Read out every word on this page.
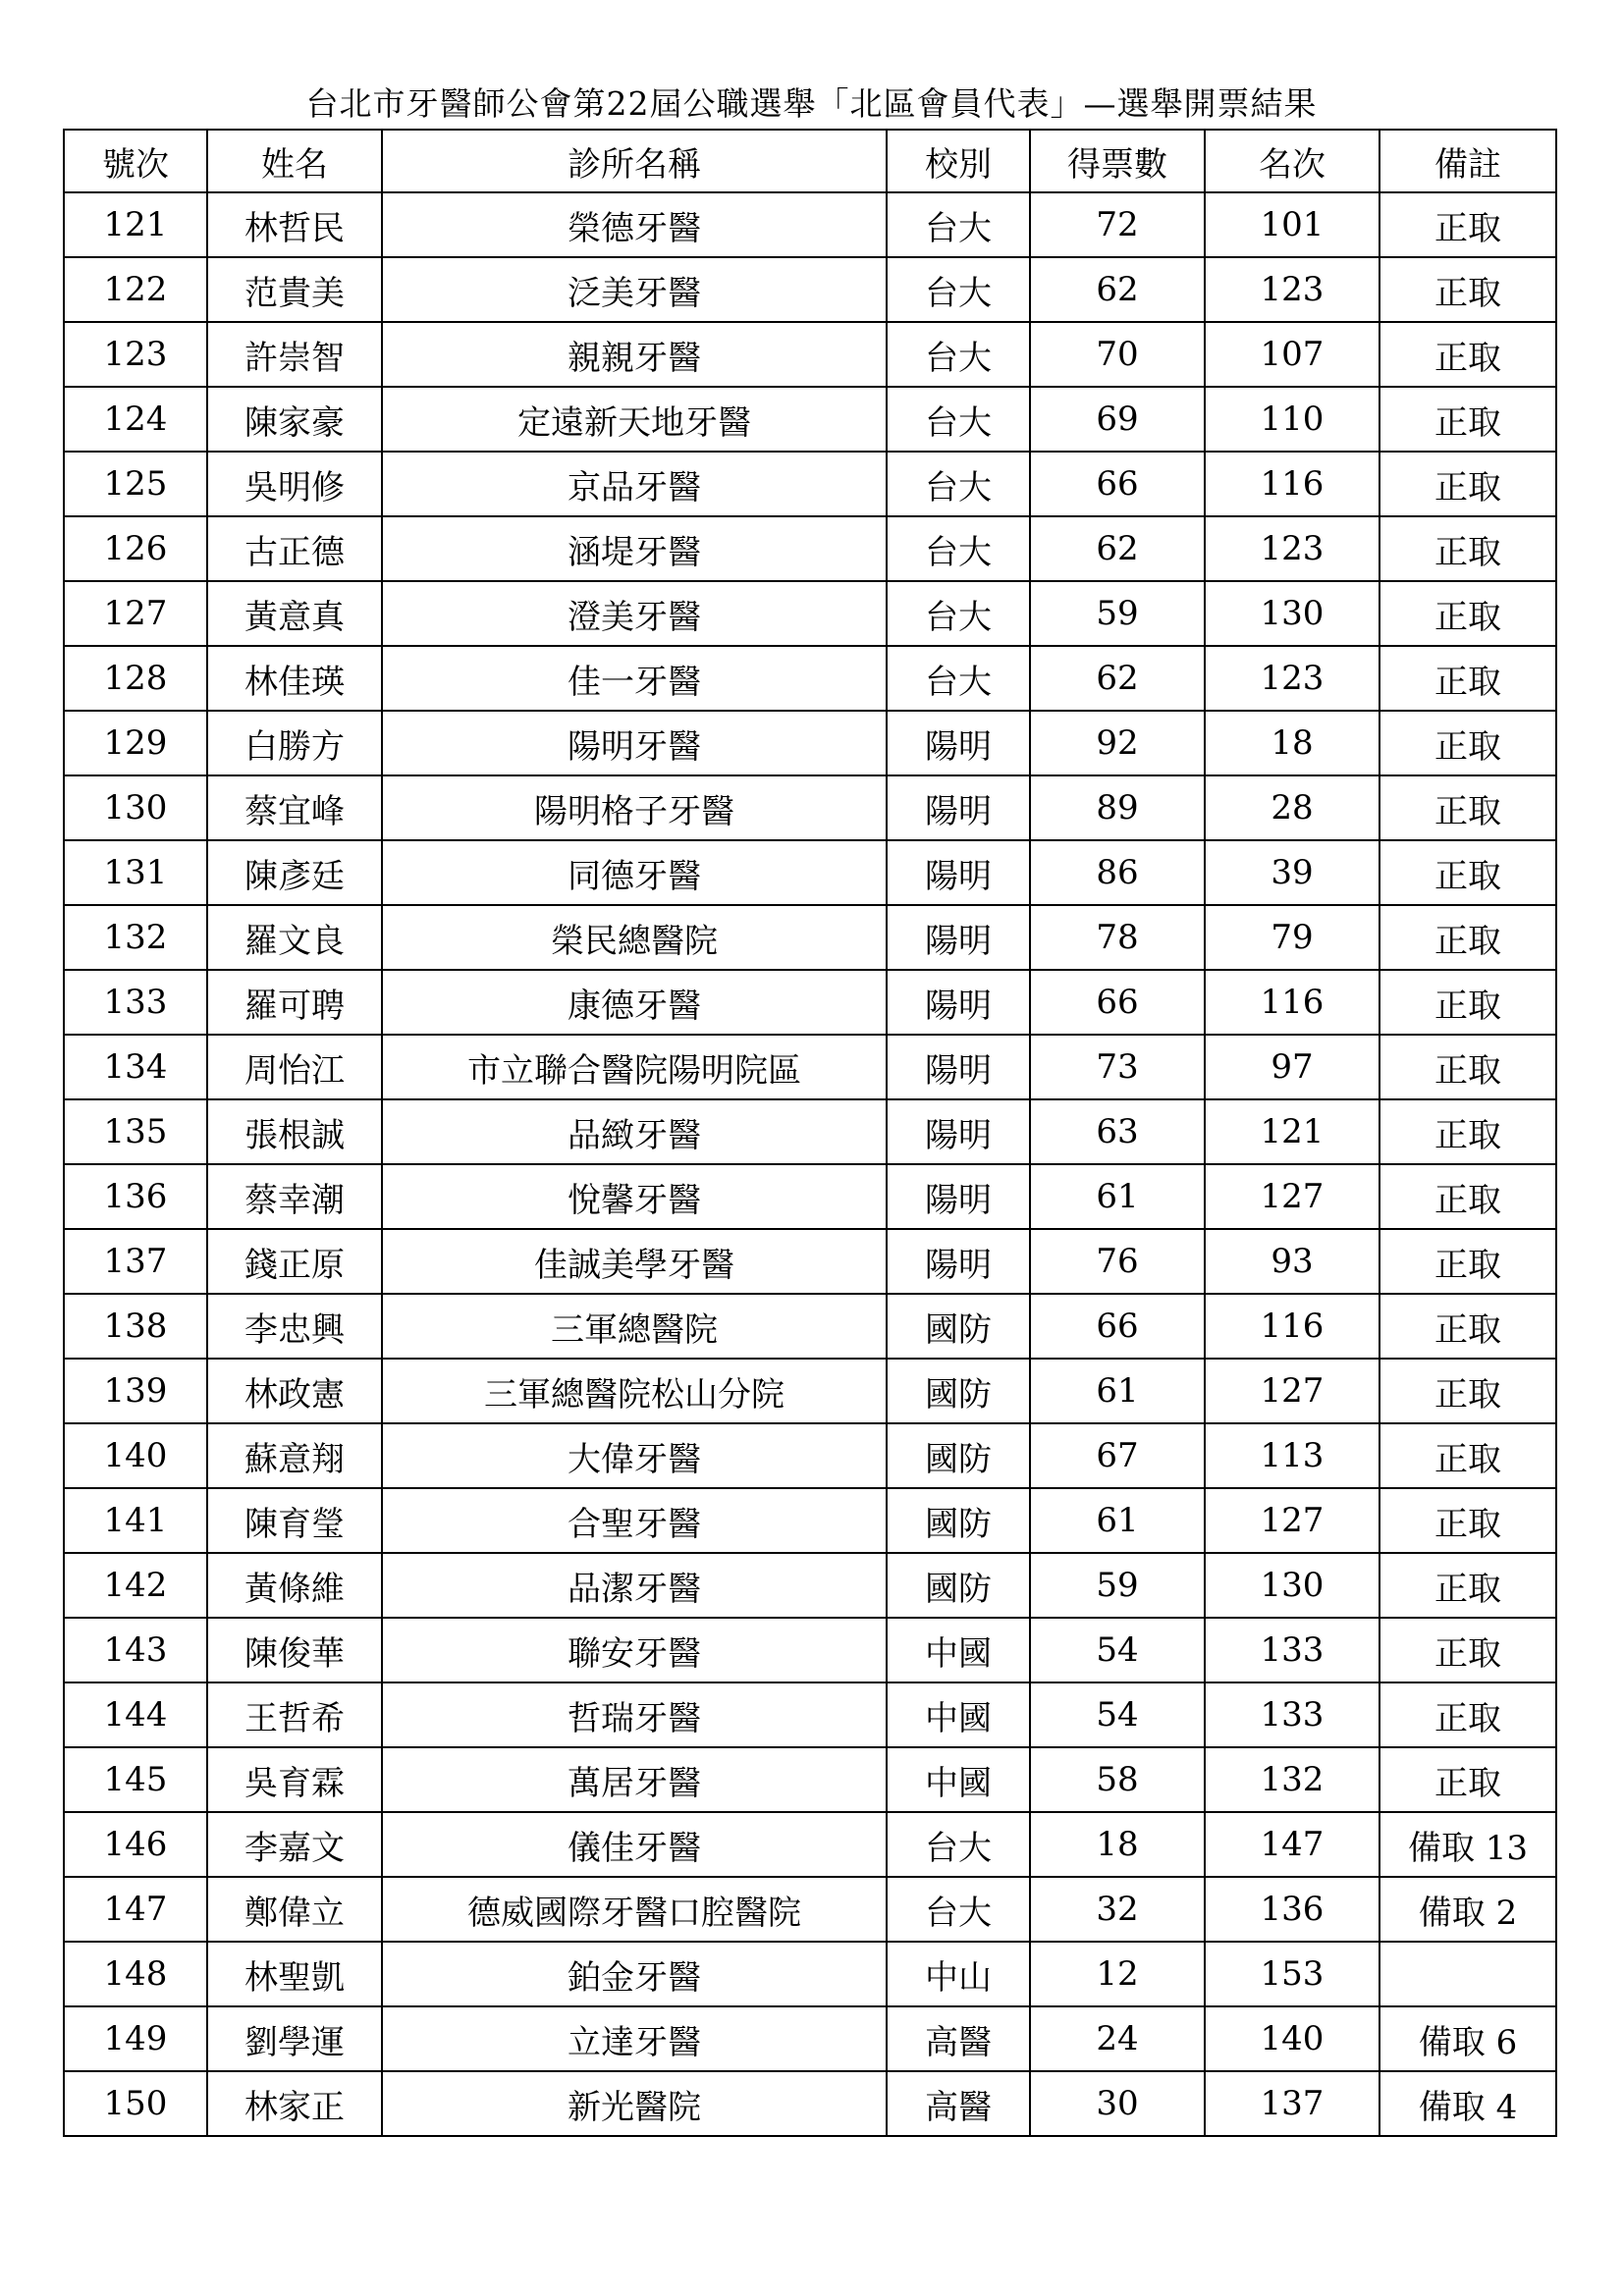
台北市牙醫師公會第22屆公職選舉「北區會員代表」—選舉開票結果
號次	姓名	診所名稱	校別	得票數	名次	備註
121	林哲民	榮德牙醫	台大	72	101	正取
122	范貴美	泛美牙醫	台大	62	123	正取
123	許崇智	親親牙醫	台大	70	107	正取
124	陳家豪	定遠新天地牙醫	台大	69	110	正取
125	吳明修	京品牙醫	台大	66	116	正取
126	古正德	涵堤牙醫	台大	62	123	正取
127	黃意真	澄美牙醫	台大	59	130	正取
128	林佳瑛	佳一牙醫	台大	62	123	正取
129	白勝方	陽明牙醫	陽明	92	18	正取
130	蔡宜峰	陽明格子牙醫	陽明	89	28	正取
131	陳彥廷	同德牙醫	陽明	86	39	正取
132	羅文良	榮民總醫院	陽明	78	79	正取
133	羅可聘	康德牙醫	陽明	66	116	正取
134	周怡江	市立聯合醫院陽明院區	陽明	73	97	正取
135	張根誠	品緻牙醫	陽明	63	121	正取
136	蔡幸潮	悅馨牙醫	陽明	61	127	正取
137	錢正原	佳誠美學牙醫	陽明	76	93	正取
138	李忠興	三軍總醫院	國防	66	116	正取
139	林政憲	三軍總醫院松山分院	國防	61	127	正取
140	蘇意翔	大偉牙醫	國防	67	113	正取
141	陳育瑩	合聖牙醫	國防	61	127	正取
142	黃條維	品潔牙醫	國防	59	130	正取
143	陳俊華	聯安牙醫	中國	54	133	正取
144	王哲希	哲瑞牙醫	中國	54	133	正取
145	吳育霖	萬居牙醫	中國	58	132	正取
146	李嘉文	儀佳牙醫	台大	18	147	備取 13
147	鄭偉立	德威國際牙醫口腔醫院	台大	32	136	備取 2
148	林聖凱	鉑金牙醫	中山	12	153	
149	劉學運	立達牙醫	高醫	24	140	備取 6
150	林家正	新光醫院	高醫	30	137	備取 4
